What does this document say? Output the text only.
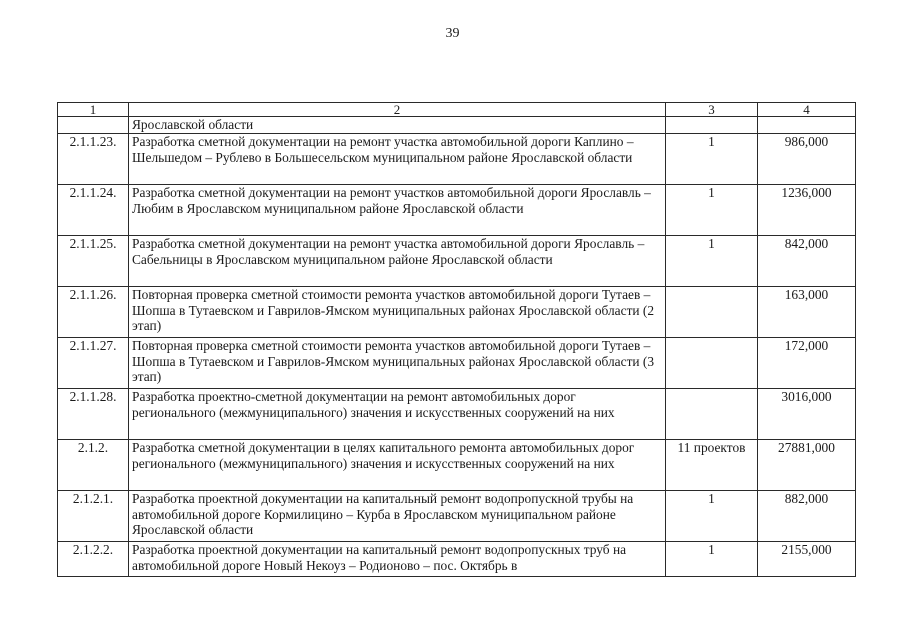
39
1	2	3	4
	Ярославской области		
2.1.1.23.	Разработка сметной документации на ремонт участка автомобильной дороги Каплино – Шельшедом – Рублево в Большесельском муниципальном районе Ярославской области	1	986,000
2.1.1.24.	Разработка сметной документации на ремонт участков автомобильной дороги Ярославль – Любим в Ярославском муниципальном районе Ярославской области	1	1236,000
2.1.1.25.	Разработка сметной документации на ремонт участка автомобильной дороги Ярославль – Сабельницы в Ярославском муниципальном районе Ярославской области	1	842,000
2.1.1.26.	Повторная проверка сметной стоимости ремонта участков автомобильной дороги Тутаев – Шопша в Тутаевском и Гаврилов-Ямском муниципальных районах Ярославской области (2 этап)		163,000
2.1.1.27.	Повторная проверка сметной стоимости ремонта участков автомобильной дороги Тутаев – Шопша в Тутаевском и Гаврилов-Ямском муниципальных районах Ярославской области (3 этап)		172,000
2.1.1.28.	Разработка проектно-сметной документации на ремонт автомобильных дорог регионального (межмуниципального) значения и искусственных сооружений на них		3016,000
2.1.2.	Разработка сметной документации в целях капитального ремонта автомобильных дорог регионального (межмуниципального) значения и искусственных сооружений на них	11 проектов	27881,000
2.1.2.1.	Разработка проектной документации на капитальный ремонт водопропускной трубы на автомобильной дороге Кормилицино – Курба в Ярославском муниципальном районе Ярославской области	1	882,000
2.1.2.2.	Разработка проектной документации на капитальный ремонт водопропускных труб на автомобильной дороге Новый Некоуз – Родионово – пос. Октябрь в	1	2155,000
